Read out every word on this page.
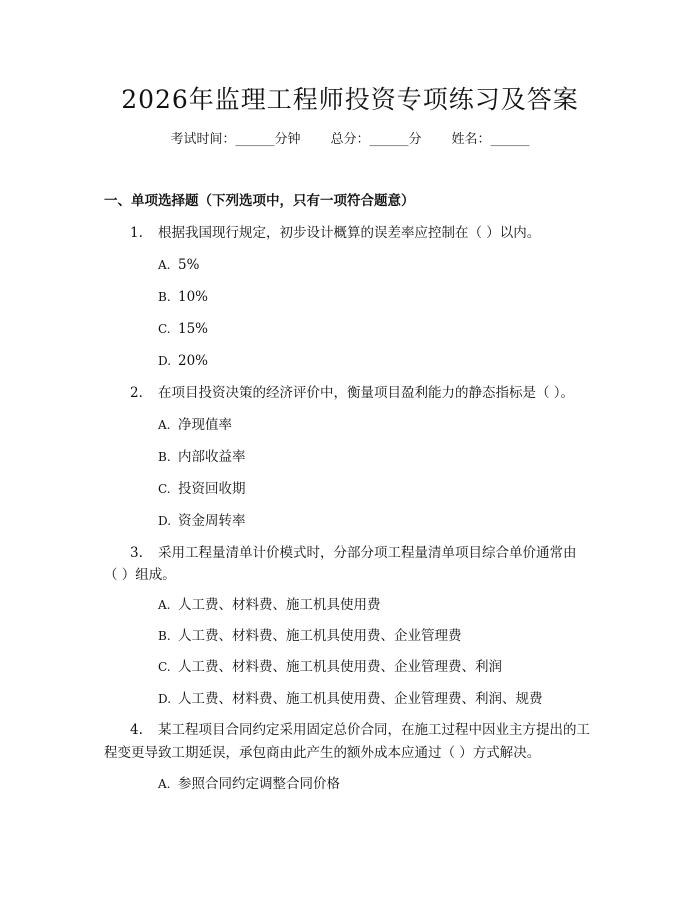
2026年监理工程师投资专项练习及答案
考试时间：______分钟 总分：______分 姓名：______
一、单项选择题（下列选项中，只有一项符合题意）
1. 根据我国现行规定，初步设计概算的误差率应控制在（ ）以内。
A. 5%
B. 10%
C. 15%
D. 20%
2. 在项目投资决策的经济评价中，衡量项目盈利能力的静态指标是（ ）。
A. 净现值率
B. 内部收益率
C. 投资回收期
D. 资金周转率
3. 采用工程量清单计价模式时，分部分项工程量清单项目综合单价通常由
（ ）组成。
A. 人工费、材料费、施工机具使用费
B. 人工费、材料费、施工机具使用费、企业管理费
C. 人工费、材料费、施工机具使用费、企业管理费、利润
D. 人工费、材料费、施工机具使用费、企业管理费、利润、规费
4. 某工程项目合同约定采用固定总价合同，在施工过程中因业主方提出的工
程变更导致工期延误，承包商由此产生的额外成本应通过（ ）方式解决。
A. 参照合同约定调整合同价格
